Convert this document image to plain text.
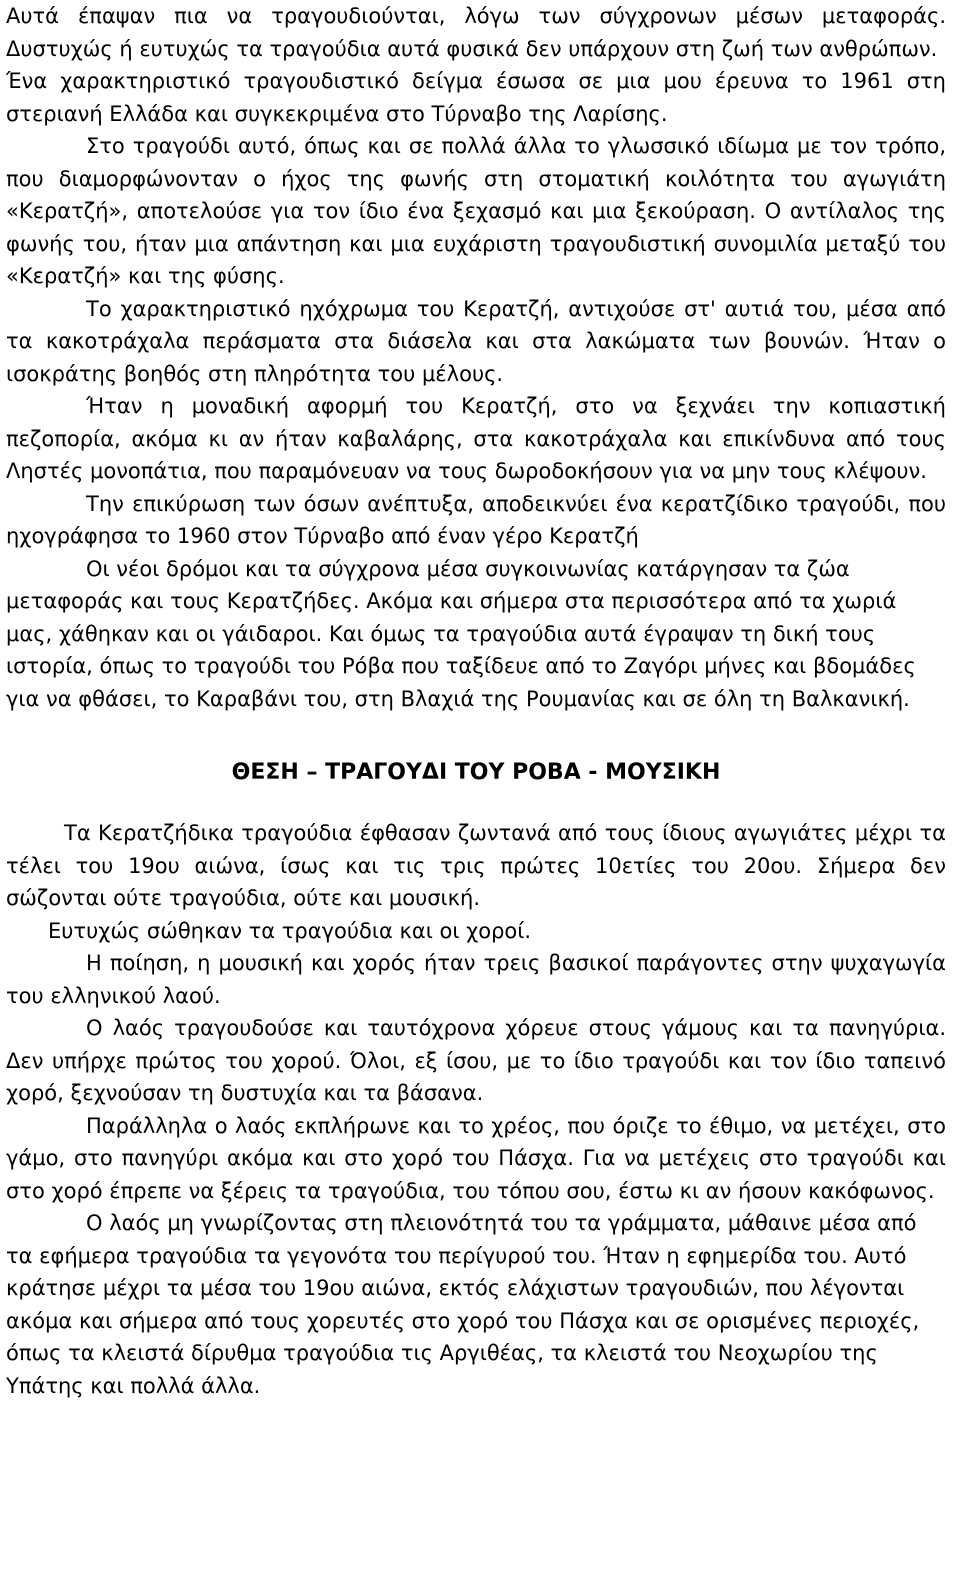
Αυτά έπαψαν πια να τραγουδιούνται, λόγω των σύγχρονων μέσων μεταφοράς. Δυστυχώς ή ευτυχώς τα τραγούδια αυτά φυσικά δεν υπάρχουν στη ζωή των ανθρώπων.

Ένα χαρακτηριστικό τραγουδιστικό δείγμα έσωσα σε μια μου έρευνα το 1961 στη στεριανή Ελλάδα και συγκεκριμένα στο Τύρναβο της Λαρίσης.

Στο τραγούδι αυτό, όπως και σε πολλά άλλα το γλωσσικό ιδίωμα με τον τρόπο, που διαμορφώνονταν ο ήχος της φωνής στη στοματική κοιλότητα του αγωγιάτη «Κερατζή», αποτελούσε για τον ίδιο ένα ξεχασμό και μια ξεκούραση. Ο αντίλαλος της φωνής του, ήταν μια απάντηση και μια ευχάριστη τραγουδιστική συνομιλία μεταξύ του «Κερατζή» και της φύσης.

Το χαρακτηριστικό ηχόχρωμα του Κερατζή, αντιχούσε στ' αυτιά του, μέσα από τα κακοτράχαλα περάσματα στα διάσελα και στα λακώματα των βουνών. Ήταν ο ισοκράτης βοηθός στη πληρότητα του μέλους.

Ήταν η μοναδική αφορμή του Κερατζή, στο να ξεχνάει την κοπιαστική πεζοπορία, ακόμα κι αν ήταν καβαλάρης, στα κακοτράχαλα και επικίνδυνα από τους Ληστές μονοπάτια, που παραμόνευαν να τους δωροδοκήσουν για να μην τους κλέψουν.

Την επικύρωση των όσων ανέπτυξα, αποδεικνύει ένα κερατζίδικο τραγούδι, που ηχογράφησα το 1960 στον Τύρναβο από έναν γέρο Κερατζή

Οι νέοι δρόμοι και τα σύγχρονα μέσα συγκοινωνίας κατάργησαν τα ζώα μεταφοράς και τους Κερατζήδες. Ακόμα και σήμερα στα περισσότερα από τα χωριά μας, χάθηκαν και οι γάιδαροι. Και όμως τα τραγούδια αυτά έγραψαν τη δική τους ιστορία, όπως το τραγούδι του Ρόβα που ταξίδευε από το Ζαγόρι μήνες και βδομάδες για να φθάσει, το Καραβάνι του, στη Βλαχιά της Ρουμανίας και σε όλη τη Βαλκανική.

ΘΕΣΗ – ΤΡΑΓΟΥΔΙ ΤΟΥ ΡΟΒΑ - ΜΟΥΣΙΚΗ

Τα Κερατζήδικα τραγούδια έφθασαν ζωντανά από τους ίδιους αγωγιάτες μέχρι τα τέλει του 19ου αιώνα, ίσως και τις τρις πρώτες 10ετίες του 20ου. Σήμερα δεν σώζονται ούτε τραγούδια, ούτε και μουσική.

Ευτυχώς σώθηκαν τα τραγούδια και οι χοροί.

Η ποίηση, η μουσική και χορός ήταν τρεις βασικοί παράγοντες στην ψυχαγωγία του ελληνικού λαού.

Ο λαός τραγουδούσε και ταυτόχρονα χόρευε στους γάμους και τα πανηγύρια. Δεν υπήρχε πρώτος του χορού. Όλοι, εξ ίσου, με το ίδιο τραγούδι και τον ίδιο ταπεινό χορό, ξεχνούσαν τη δυστυχία και τα βάσανα.

Παράλληλα ο λαός εκπλήρωνε και το χρέος, που όριζε το έθιμο, να μετέχει, στο γάμο, στο πανηγύρι ακόμα και στο χορό του Πάσχα. Για να μετέχεις στο τραγούδι και στο χορό έπρεπε να ξέρεις τα τραγούδια, του τόπου σου, έστω κι αν ήσουν κακόφωνος.

Ο λαός μη γνωρίζοντας στη πλειονότητά του τα γράμματα, μάθαινε μέσα από τα εφήμερα τραγούδια τα γεγονότα του περίγυρού του. Ήταν η εφημερίδα του. Αυτό κράτησε μέχρι τα μέσα του 19ου αιώνα, εκτός ελάχιστων τραγουδιών, που λέγονται ακόμα και σήμερα από τους χορευτές στο χορό του Πάσχα και σε ορισμένες περιοχές, όπως τα κλειστά δίρυθμα τραγούδια τις Αργιθέας, τα κλειστά του Νεοχωρίου της Υπάτης και πολλά άλλα.
